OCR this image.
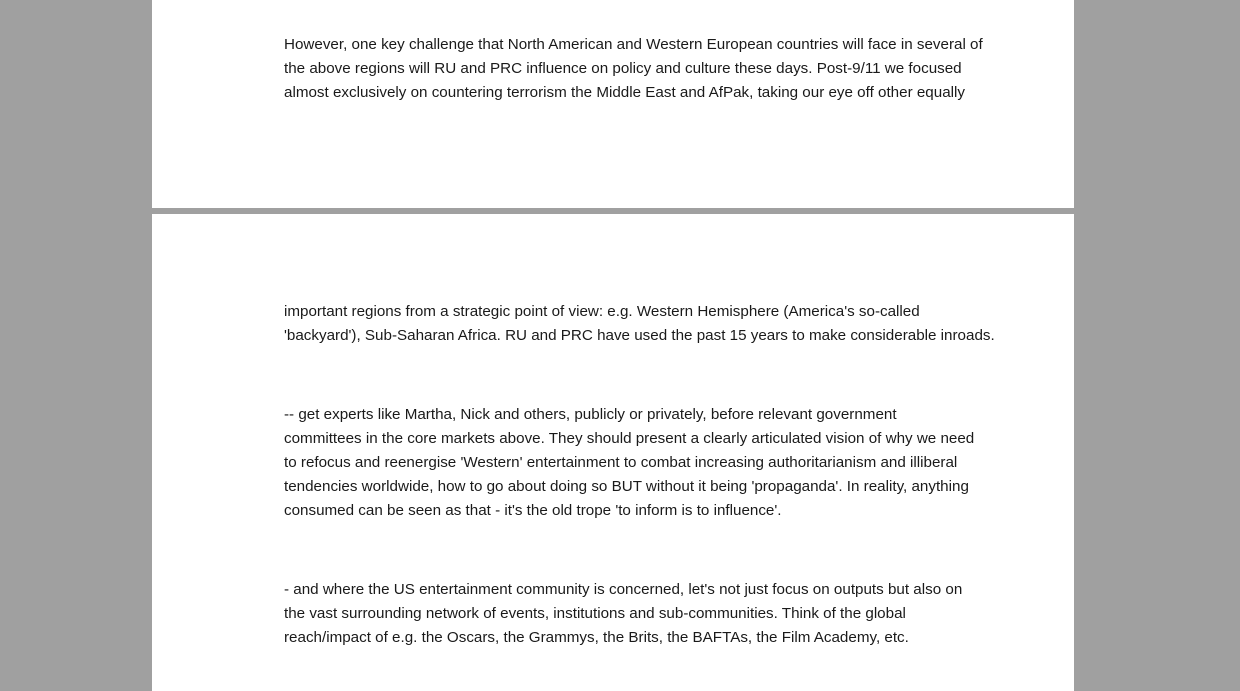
However, one key challenge that North American and Western European countries will face in several of
the above regions will RU and PRC influence on policy and culture these days. Post-9/11 we focused
almost exclusively on countering terrorism the Middle East and AfPak, taking our eye off other equally

important regions from a strategic point of view: e.g. Western Hemisphere (America's so-called
'backyard'), Sub-Saharan Africa. RU and PRC have used the past 15 years to make considerable inroads.

-- get experts like Martha, Nick and others, publicly or privately, before relevant government
committees in the core markets above. They should present a clearly articulated vision of why we need
to refocus and reenergise 'Western' entertainment to combat increasing authoritarianism and illiberal
tendencies worldwide, how to go about doing so BUT without it being 'propaganda'. In reality, anything
consumed can be seen as that - it's the old trope 'to inform is to influence'.

- and where the US entertainment community is concerned, let's not just focus on outputs but also on
the vast surrounding network of events, institutions and sub-communities. Think of the global
reach/impact of e.g. the Oscars, the Grammys, the Brits, the BAFTAs, the Film Academy, etc.
